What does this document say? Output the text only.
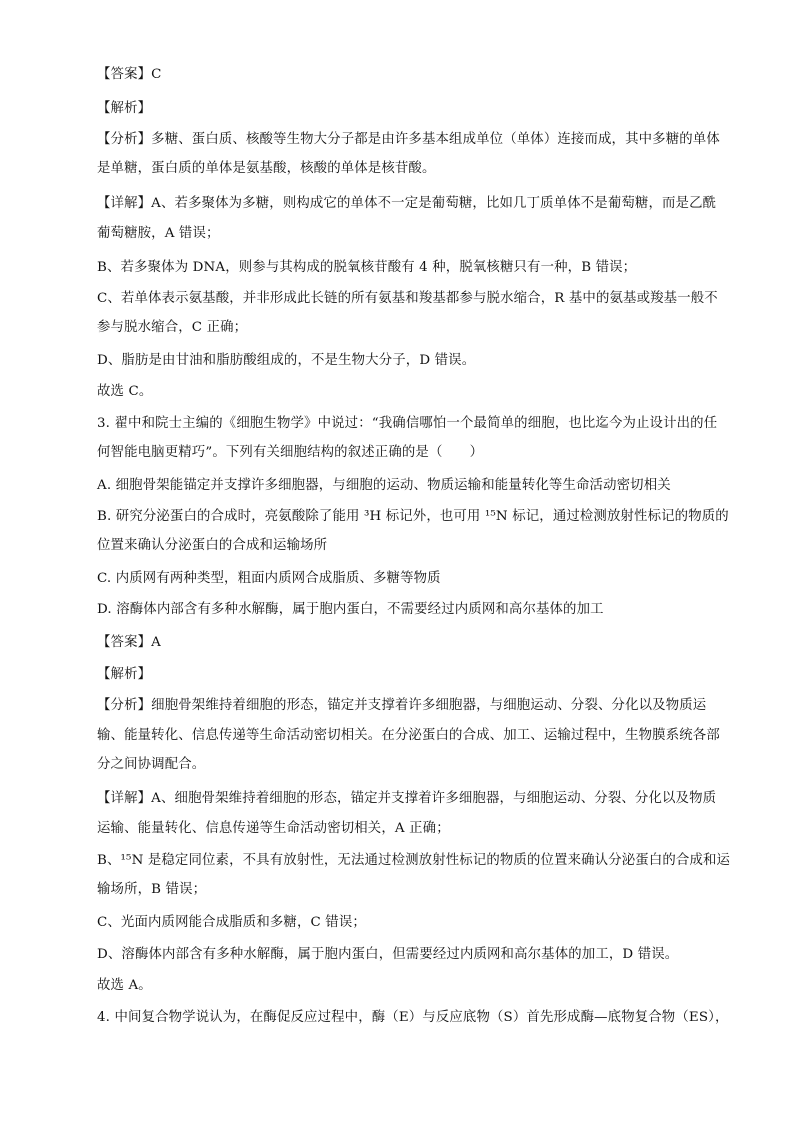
【答案】C
【解析】
【分析】多糖、蛋白质、核酸等生物大分子都是由许多基本组成单位（单体）连接而成，其中多糖的单体
是单糖，蛋白质的单体是氨基酸，核酸的单体是核苷酸。
【详解】A、若多聚体为多糖，则构成它的单体不一定是葡萄糖，比如几丁质单体不是葡萄糖，而是乙酰
葡萄糖胺，A 错误；
B、若多聚体为 DNA，则参与其构成的脱氧核苷酸有 4 种，脱氧核糖只有一种，B 错误；
C、若单体表示氨基酸，并非形成此长链的所有氨基和羧基都参与脱水缩合，R 基中的氨基或羧基一般不
参与脱水缩合，C 正确；
D、脂肪是由甘油和脂肪酸组成的，不是生物大分子，D 错误。
故选 C。
3. 翟中和院士主编的《细胞生物学》中说过：“我确信哪怕一个最简单的细胞，也比迄今为止设计出的任
何智能电脑更精巧”。下列有关细胞结构的叙述正确的是（　　）
A. 细胞骨架能锚定并支撑许多细胞器，与细胞的运动、物质运输和能量转化等生命活动密切相关
B. 研究分泌蛋白的合成时，亮氨酸除了能用 ³H 标记外，也可用 ¹⁵N 标记，通过检测放射性标记的物质的
位置来确认分泌蛋白的合成和运输场所
C. 内质网有两种类型，粗面内质网合成脂质、多糖等物质
D. 溶酶体内部含有多种水解酶，属于胞内蛋白，不需要经过内质网和高尔基体的加工
【答案】A
【解析】
【分析】细胞骨架维持着细胞的形态，锚定并支撑着许多细胞器，与细胞运动、分裂、分化以及物质运
输、能量转化、信息传递等生命活动密切相关。在分泌蛋白的合成、加工、运输过程中，生物膜系统各部
分之间协调配合。
【详解】A、细胞骨架维持着细胞的形态，锚定并支撑着许多细胞器，与细胞运动、分裂、分化以及物质
运输、能量转化、信息传递等生命活动密切相关，A 正确；
B、¹⁵N 是稳定同位素，不具有放射性，无法通过检测放射性标记的物质的位置来确认分泌蛋白的合成和运
输场所，B 错误；
C、光面内质网能合成脂质和多糖，C 错误；
D、溶酶体内部含有多种水解酶，属于胞内蛋白，但需要经过内质网和高尔基体的加工，D 错误。
故选 A。
4. 中间复合物学说认为，在酶促反应过程中，酶（E）与反应底物（S）首先形成酶—底物复合物（ES），
